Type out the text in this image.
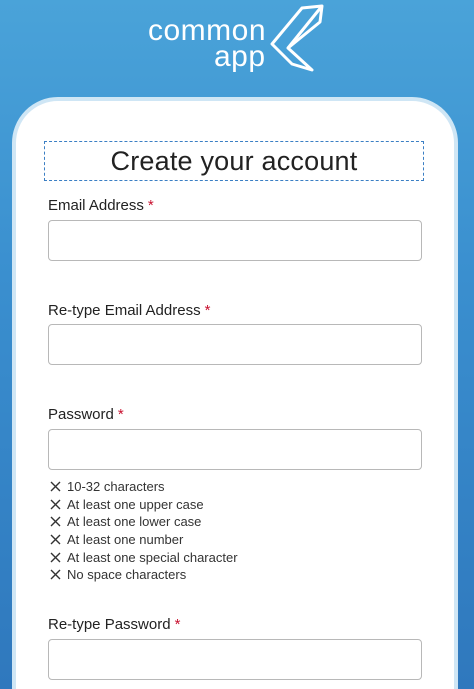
common
app
Create your account
Email Address *
Re-type Email Address *
Password *
10-32 characters
At least one upper case
At least one lower case
At least one number
At least one special character
No space characters
Re-type Password *
